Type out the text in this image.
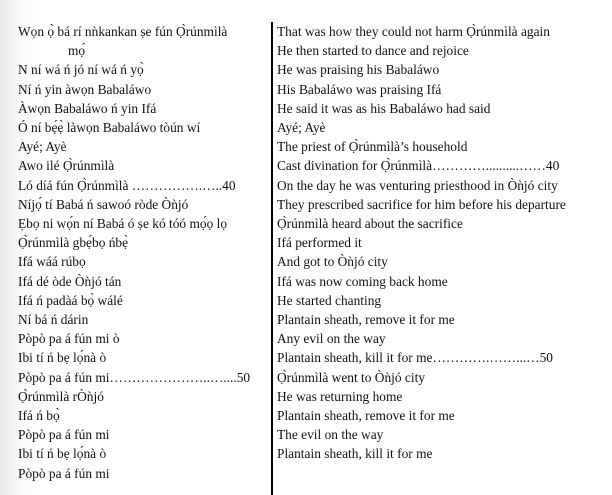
Wọn ọ̀ bá rí nǹkankan ṣe fún Ọ̀rúnmìlà
mọ́
N ní wá ń jó ní wá ń yọ̀
Ní ń yin àwọn Babaláwo
Àwọn Babaláwo ń yin Ifá
Ó ní bẹ́ẹ̀ làwọn Babaláwo tòún wí
Ayé; Ayè
Awo ilé Ọ̀rúnmìlà
Ló díá fún Ọ̀rúnmìlà …………….…..40
Níjọ́ tí Babá ń sawoó ròde Òǹjó
Ẹbọ ni wọ́n ní Babá ó ṣe kó tóó mọ́ọ lọ
Ọ̀rúnmìlà gbẹ́bọ ńbẹ̀
Ifá wáá rúbọ
Ifá dé òde Òǹjó tán
Ifá ń padàá bọ̀ wálé
Ní bá ń dárin
Pòpò pa á fún mi ò
Ibi tí ń bẹ lọ́nà ò
Pòpò pa á fún mi…………………..…....50
Ọ̀rúnmìlà rÒǹjó
Ifá ń bọ̀
Pòpò pa á fún mi
Ibi tí ń bẹ lọ́nà ò
Pòpò pa á fún mi
That was how they could not harm Ọ̀rúnmìlà again
He then started to dance and rejoice
He was praising his Babaláwo
His Babaláwo was praising Ifá
He said it was as his Babaláwo had said
Ayé; Ayè
The priest of Ọ̀rúnmìlà’s household
Cast divination for Ọ̀rúnmìlà…………..........……40
On the day he was venturing priesthood in Òǹjó city
They prescribed sacrifice for him before his departure
Ọ̀rúnmìlà heard about the sacrifice
Ifá performed it
And got to Òǹjó city
Ifá was now coming back home
He started chanting
Plantain sheath, remove it for me
Any evil on the way
Plantain sheath, kill it for me………….……...…50
Ọ̀rúnmìlà went to Òǹjó city
He was returning home
Plantain sheath, remove it for me
The evil on the way
Plantain sheath, kill it for me
